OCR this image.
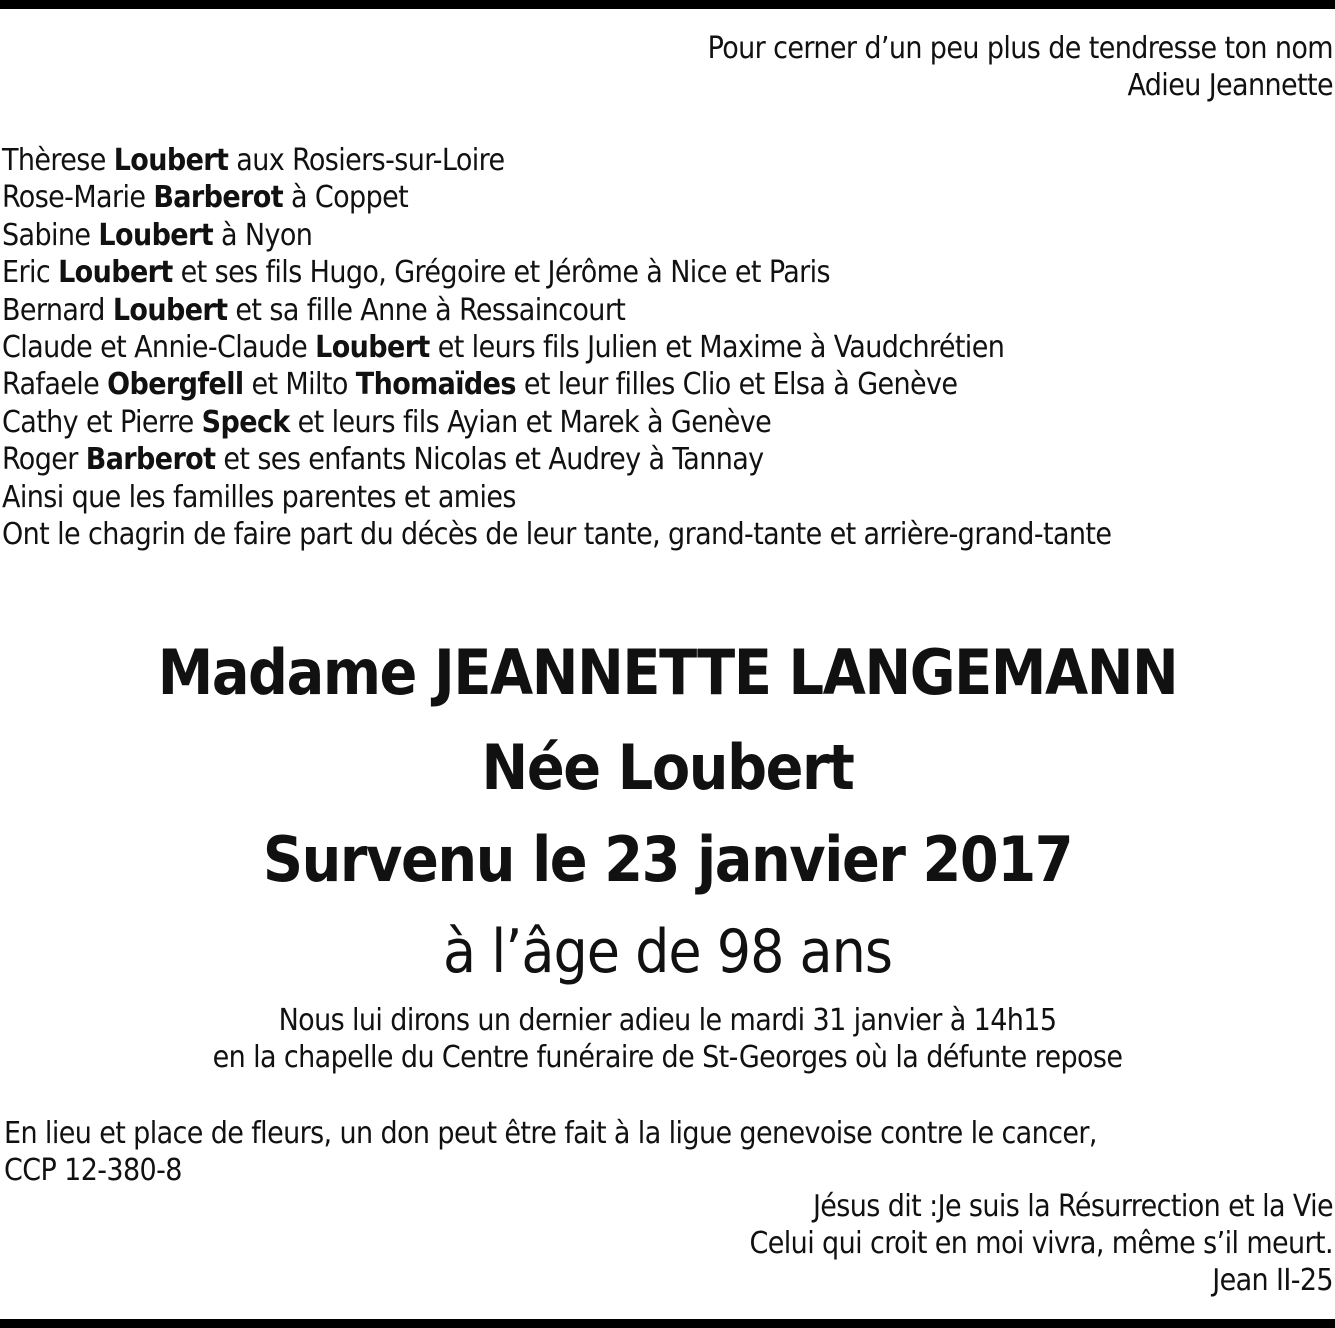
Pour cerner d’un peu plus de tendresse ton nom
Adieu Jeannette
Thèrese Loubert aux Rosiers-sur-Loire
Rose-Marie Barberot à Coppet
Sabine Loubert à Nyon
Eric Loubert et ses fils Hugo, Grégoire et Jérôme à Nice et Paris
Bernard Loubert et sa fille Anne à Ressaincourt
Claude et Annie-Claude Loubert et leurs fils Julien et Maxime à Vaudchrétien
Rafaele Obergfell et Milto Thomaïdes et leur filles Clio et Elsa à Genève
Cathy et Pierre Speck et leurs fils Ayian et Marek à Genève
Roger Barberot et ses enfants Nicolas et Audrey à Tannay
Ainsi que les familles parentes et amies
Ont le chagrin de faire part du décès de leur tante, grand-tante et arrière-grand-tante
Madame JEANNETTE LANGEMANN
Née Loubert
Survenu le 23 janvier 2017
à l’âge de 98 ans
Nous lui dirons un dernier adieu le mardi 31 janvier à 14h15
en la chapelle du Centre funéraire de St-Georges où la défunte repose
En lieu et place de fleurs, un don peut être fait à la ligue genevoise contre le cancer,
CCP 12-380-8
Jésus dit :Je suis la Résurrection et la Vie
Celui qui croit en moi vivra, même s’il meurt.
Jean II-25
